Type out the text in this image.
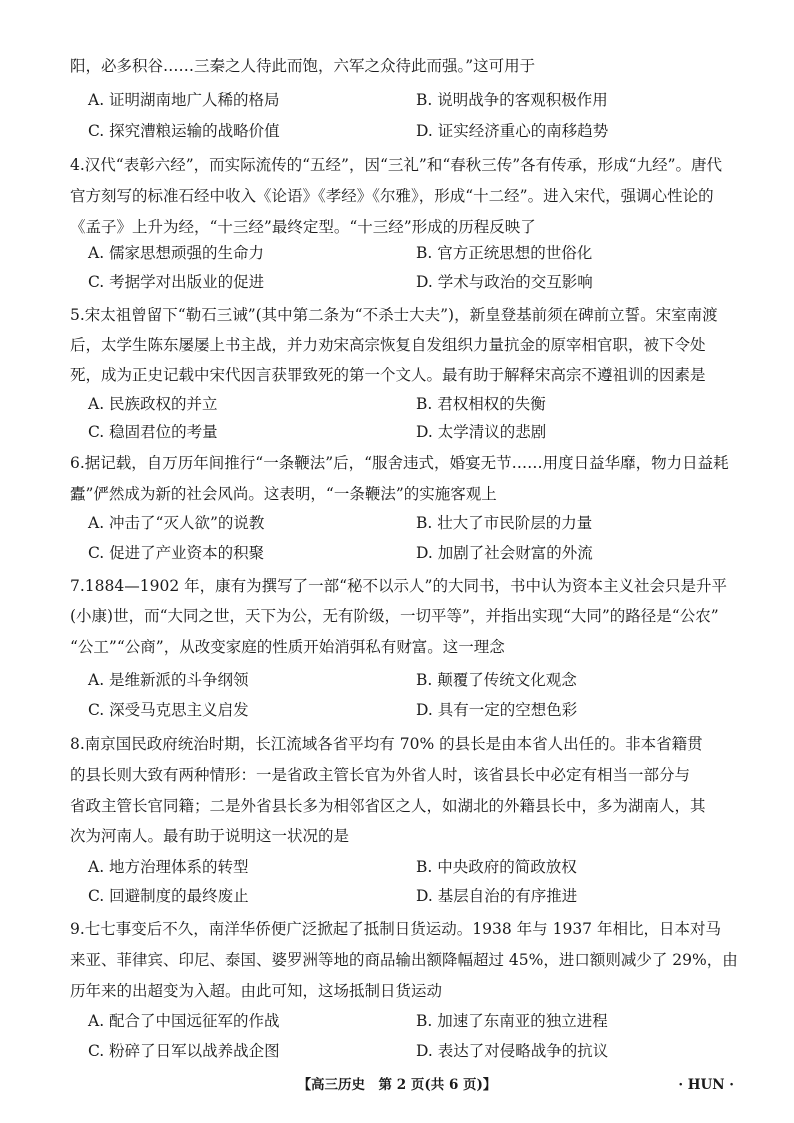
阳，必多积谷……三秦之人待此而饱，六军之众待此而强。”这可用于
A. 证明湖南地广人稀的格局	B. 说明战争的客观积极作用
C. 探究漕粮运输的战略价值	D. 证实经济重心的南移趋势
4.汉代“表彰六经”，而实际流传的“五经”，因“三礼”和“春秋三传”各有传承，形成“九经”。唐代
官方刻写的标准石经中收入《论语》《孝经》《尔雅》，形成“十二经”。进入宋代，强调心性论的
《孟子》上升为经，“十三经”最终定型。“十三经”形成的历程反映了
A. 儒家思想顽强的生命力	B. 官方正统思想的世俗化
C. 考据学对出版业的促进	D. 学术与政治的交互影响
5.宋太祖曾留下“勒石三诫”(其中第二条为“不杀士大夫”)，新皇登基前须在碑前立誓。宋室南渡
后，太学生陈东屡屡上书主战，并力劝宋高宗恢复自发组织力量抗金的原宰相官职，被下令处
死，成为正史记载中宋代因言获罪致死的第一个文人。最有助于解释宋高宗不遵祖训的因素是
A. 民族政权的并立	B. 君权相权的失衡
C. 稳固君位的考量	D. 太学清议的悲剧
6.据记载，自万历年间推行“一条鞭法”后，“服舍违式，婚宴无节……用度日益华靡，物力日益耗
蠹”俨然成为新的社会风尚。这表明，“一条鞭法”的实施客观上
A. 冲击了“灭人欲”的说教	B. 壮大了市民阶层的力量
C. 促进了产业资本的积聚	D. 加剧了社会财富的外流
7.1884—1902 年，康有为撰写了一部“秘不以示人”的大同书，书中认为资本主义社会只是升平
(小康)世，而“大同之世，天下为公，无有阶级，一切平等”，并指出实现“大同”的路径是“公农”
“公工”“公商”，从改变家庭的性质开始消弭私有财富。这一理念
A. 是维新派的斗争纲领	B. 颠覆了传统文化观念
C. 深受马克思主义启发	D. 具有一定的空想色彩
8.南京国民政府统治时期，长江流域各省平均有 70% 的县长是由本省人出任的。非本省籍贯
的县长则大致有两种情形：一是省政主管长官为外省人时，该省县长中必定有相当一部分与
省政主管长官同籍；二是外省县长多为相邻省区之人，如湖北的外籍县长中，多为湖南人，其
次为河南人。最有助于说明这一状况的是
A. 地方治理体系的转型	B. 中央政府的简政放权
C. 回避制度的最终废止	D. 基层自治的有序推进
9.七七事变后不久，南洋华侨便广泛掀起了抵制日货运动。1938 年与 1937 年相比，日本对马
来亚、菲律宾、印尼、泰国、婆罗洲等地的商品输出额降幅超过 45%，进口额则减少了 29%，由
历年来的出超变为入超。由此可知，这场抵制日货运动
A. 配合了中国远征军的作战	B. 加速了东南亚的独立进程
C. 粉碎了日军以战养战企图	D. 表达了对侵略战争的抗议
【高三历史　第 2 页(共 6 页)】	· HUN ·
